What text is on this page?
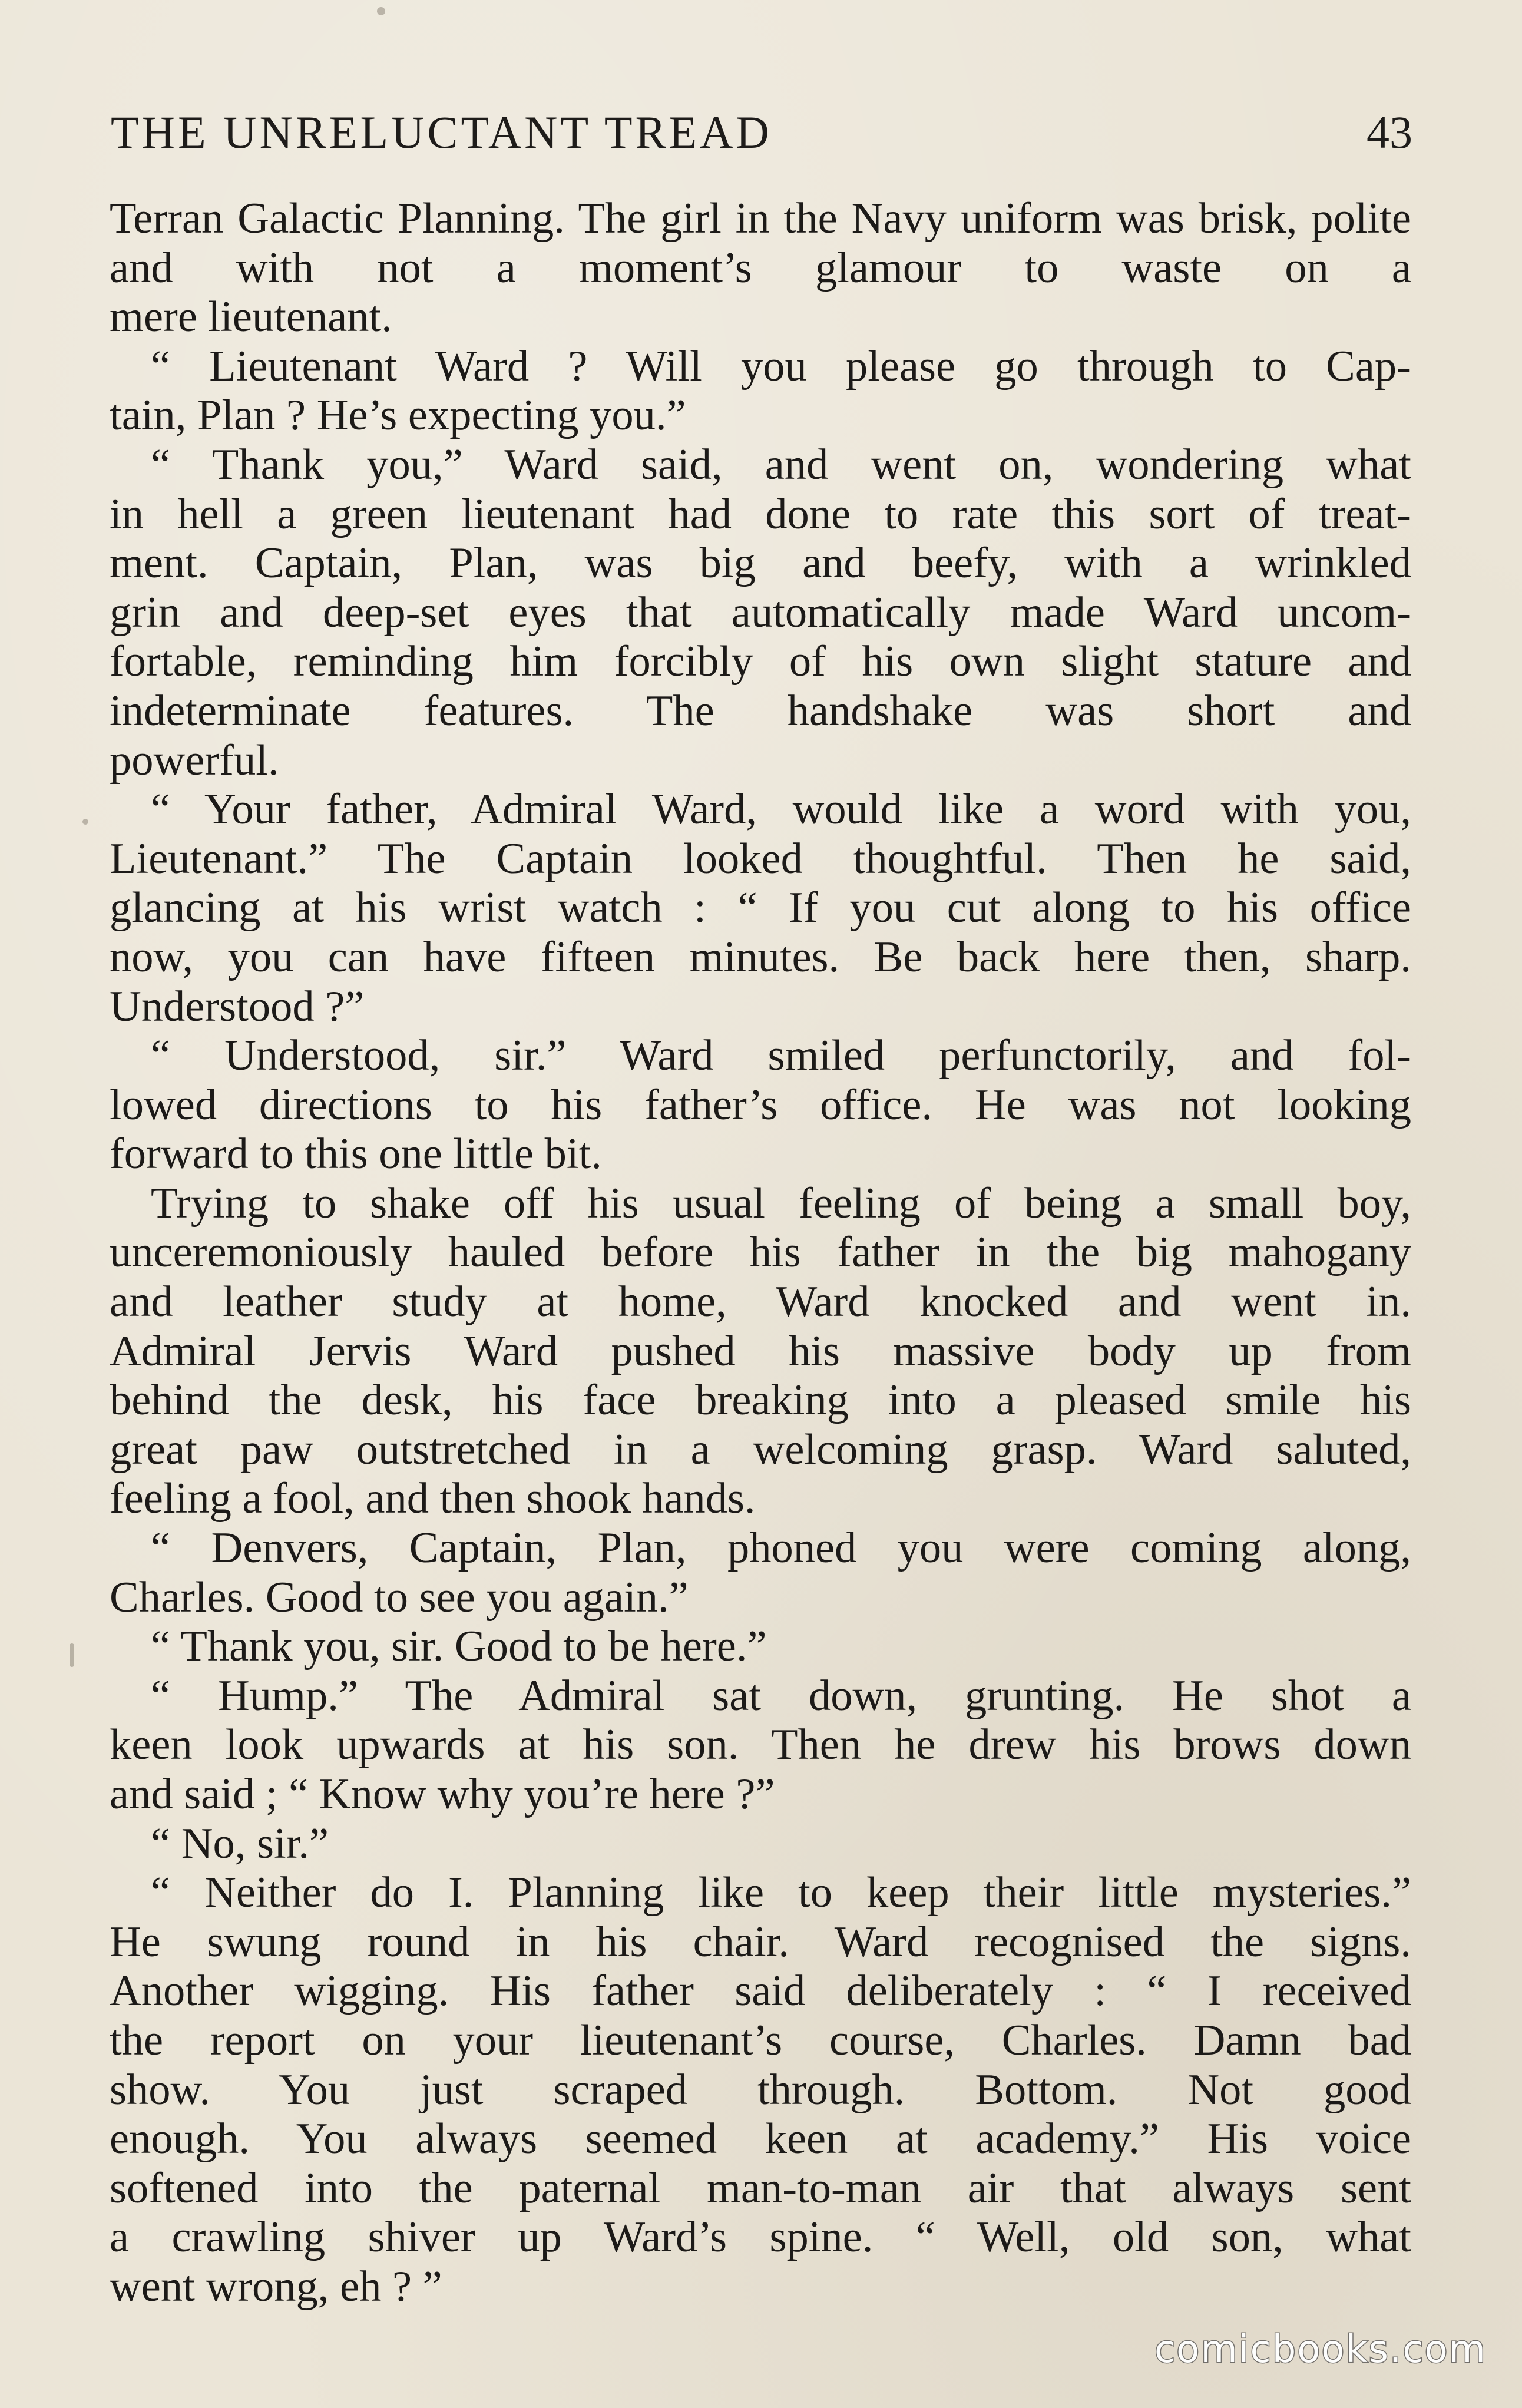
THE UNRELUCTANT TREAD	43

Terran Galactic Planning. The girl in the Navy uniform was brisk, polite and with not a moment’s glamour to waste on a

mere lieutenant.

“ Lieutenant Ward ? Will you please go through to Cap-

tain, Plan ? He’s expecting you.”

“ Thank you,” Ward said, and went on, wondering what

in hell a green lieutenant had done to rate this sort of treat-

ment. Captain, Plan, was big and beefy, with a wrinkled

grin and deep-set eyes that automatically made Ward uncom-

fortable, reminding him forcibly of his own slight stature and

indeterminate features. The handshake was short and

powerful.

“ Your father, Admiral Ward, would like a word with you,

Lieutenant.” The Captain looked thoughtful. Then he said,

glancing at his wrist watch : “ If you cut along to his office

now, you can have fifteen minutes. Be back here then, sharp.

Understood ?”

“ Understood, sir.” Ward smiled perfunctorily, and fol-

lowed directions to his father’s office. He was not looking

forward to this one little bit.

Trying to shake off his usual feeling of being a small boy,

unceremoniously hauled before his father in the big mahogany

and leather study at home, Ward knocked and went in.

Admiral Jervis Ward pushed his massive body up from

behind the desk, his face breaking into a pleased smile his

great paw outstretched in a welcoming grasp. Ward saluted,

feeling a fool, and then shook hands.

“ Denvers, Captain, Plan, phoned you were coming along,

Charles. Good to see you again.”

“ Thank you, sir. Good to be here.”

“ Hump.” The Admiral sat down, grunting. He shot a

keen look upwards at his son. Then he drew his brows down

and said ; “ Know why you’re here ?”

“ No, sir.”

“ Neither do I. Planning like to keep their little mysteries.”

He swung round in his chair. Ward recognised the signs.

Another wigging. His father said deliberately : “ I received

the report on your lieutenant’s course, Charles. Damn bad

show. You just scraped through. Bottom. Not good

enough. You always seemed keen at academy.” His voice

softened into the paternal man-to-man air that always sent

a crawling shiver up Ward’s spine. “ Well, old son, what

went wrong, eh ? ”

comicbooks.com
